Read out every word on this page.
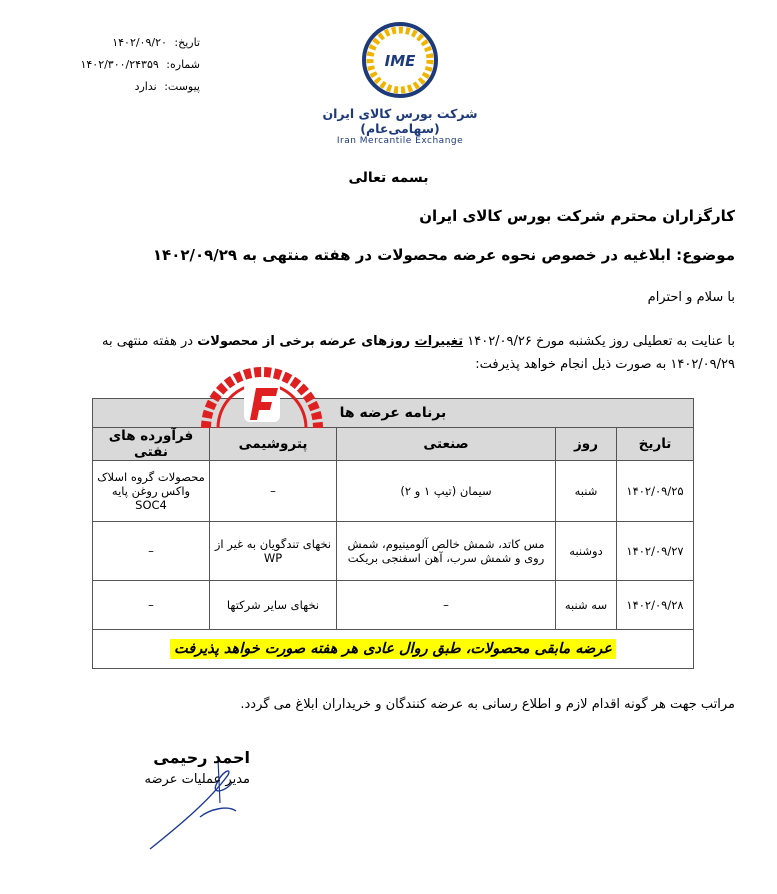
تاریخ: ۱۴۰۲/۰۹/۲۰
شماره: ۱۴۰۲/۳۰۰/۲۴۳۵۹
پیوست: ندارد
IME
شرکت بورس کالای ایران (سهامی‌عام)
Iran Mercantile Exchange
بسمه تعالی
کارگزاران محترم شرکت بورس کالای ایران
موضوع: ابلاغیه در خصوص نحوه عرضه محصولات در هفته منتهی به ۱۴۰۲/۰۹/۲۹
با سلام و احترام
با عنایت به تعطیلی روز یکشنبه مورخ ۱۴۰۲/۰۹/۲۶ تغییرات روزهای عرضه برخی از محصولات در هفته منتهی به ۱۴۰۲/۰۹/۲۹ به صورت ذیل انجام خواهد پذیرفت:
برنامه عرضه ها				
تاریخ	روز	صنعتی	پتروشیمی	فرآورده های نفتی
۱۴۰۲/۰۹/۲۵	شنبه	سیمان (تیپ ۱ و ۲)	–	محصولات گروه اسلاک واکس روغن پایه SOC4
۱۴۰۲/۰۹/۲۷	دوشنبه	مس کاتد، شمش خالص آلومینیوم، شمش روی و شمش سرب، آهن اسفنجی بریکت	نخهای تندگویان به غیر از WP	–
۱۴۰۲/۰۹/۲۸	سه شنبه	–	نخهای سایر شرکتها	–
عرضه مابقی محصولات، طبق روال عادی هر هفته صورت خواهد پذیرفت				
مراتب جهت هر گونه اقدام لازم و اطلاع رسانی به عرضه کنندگان و خریداران ابلاغ می گردد.
احمد رحیمی
مدیر عملیات عرضه
